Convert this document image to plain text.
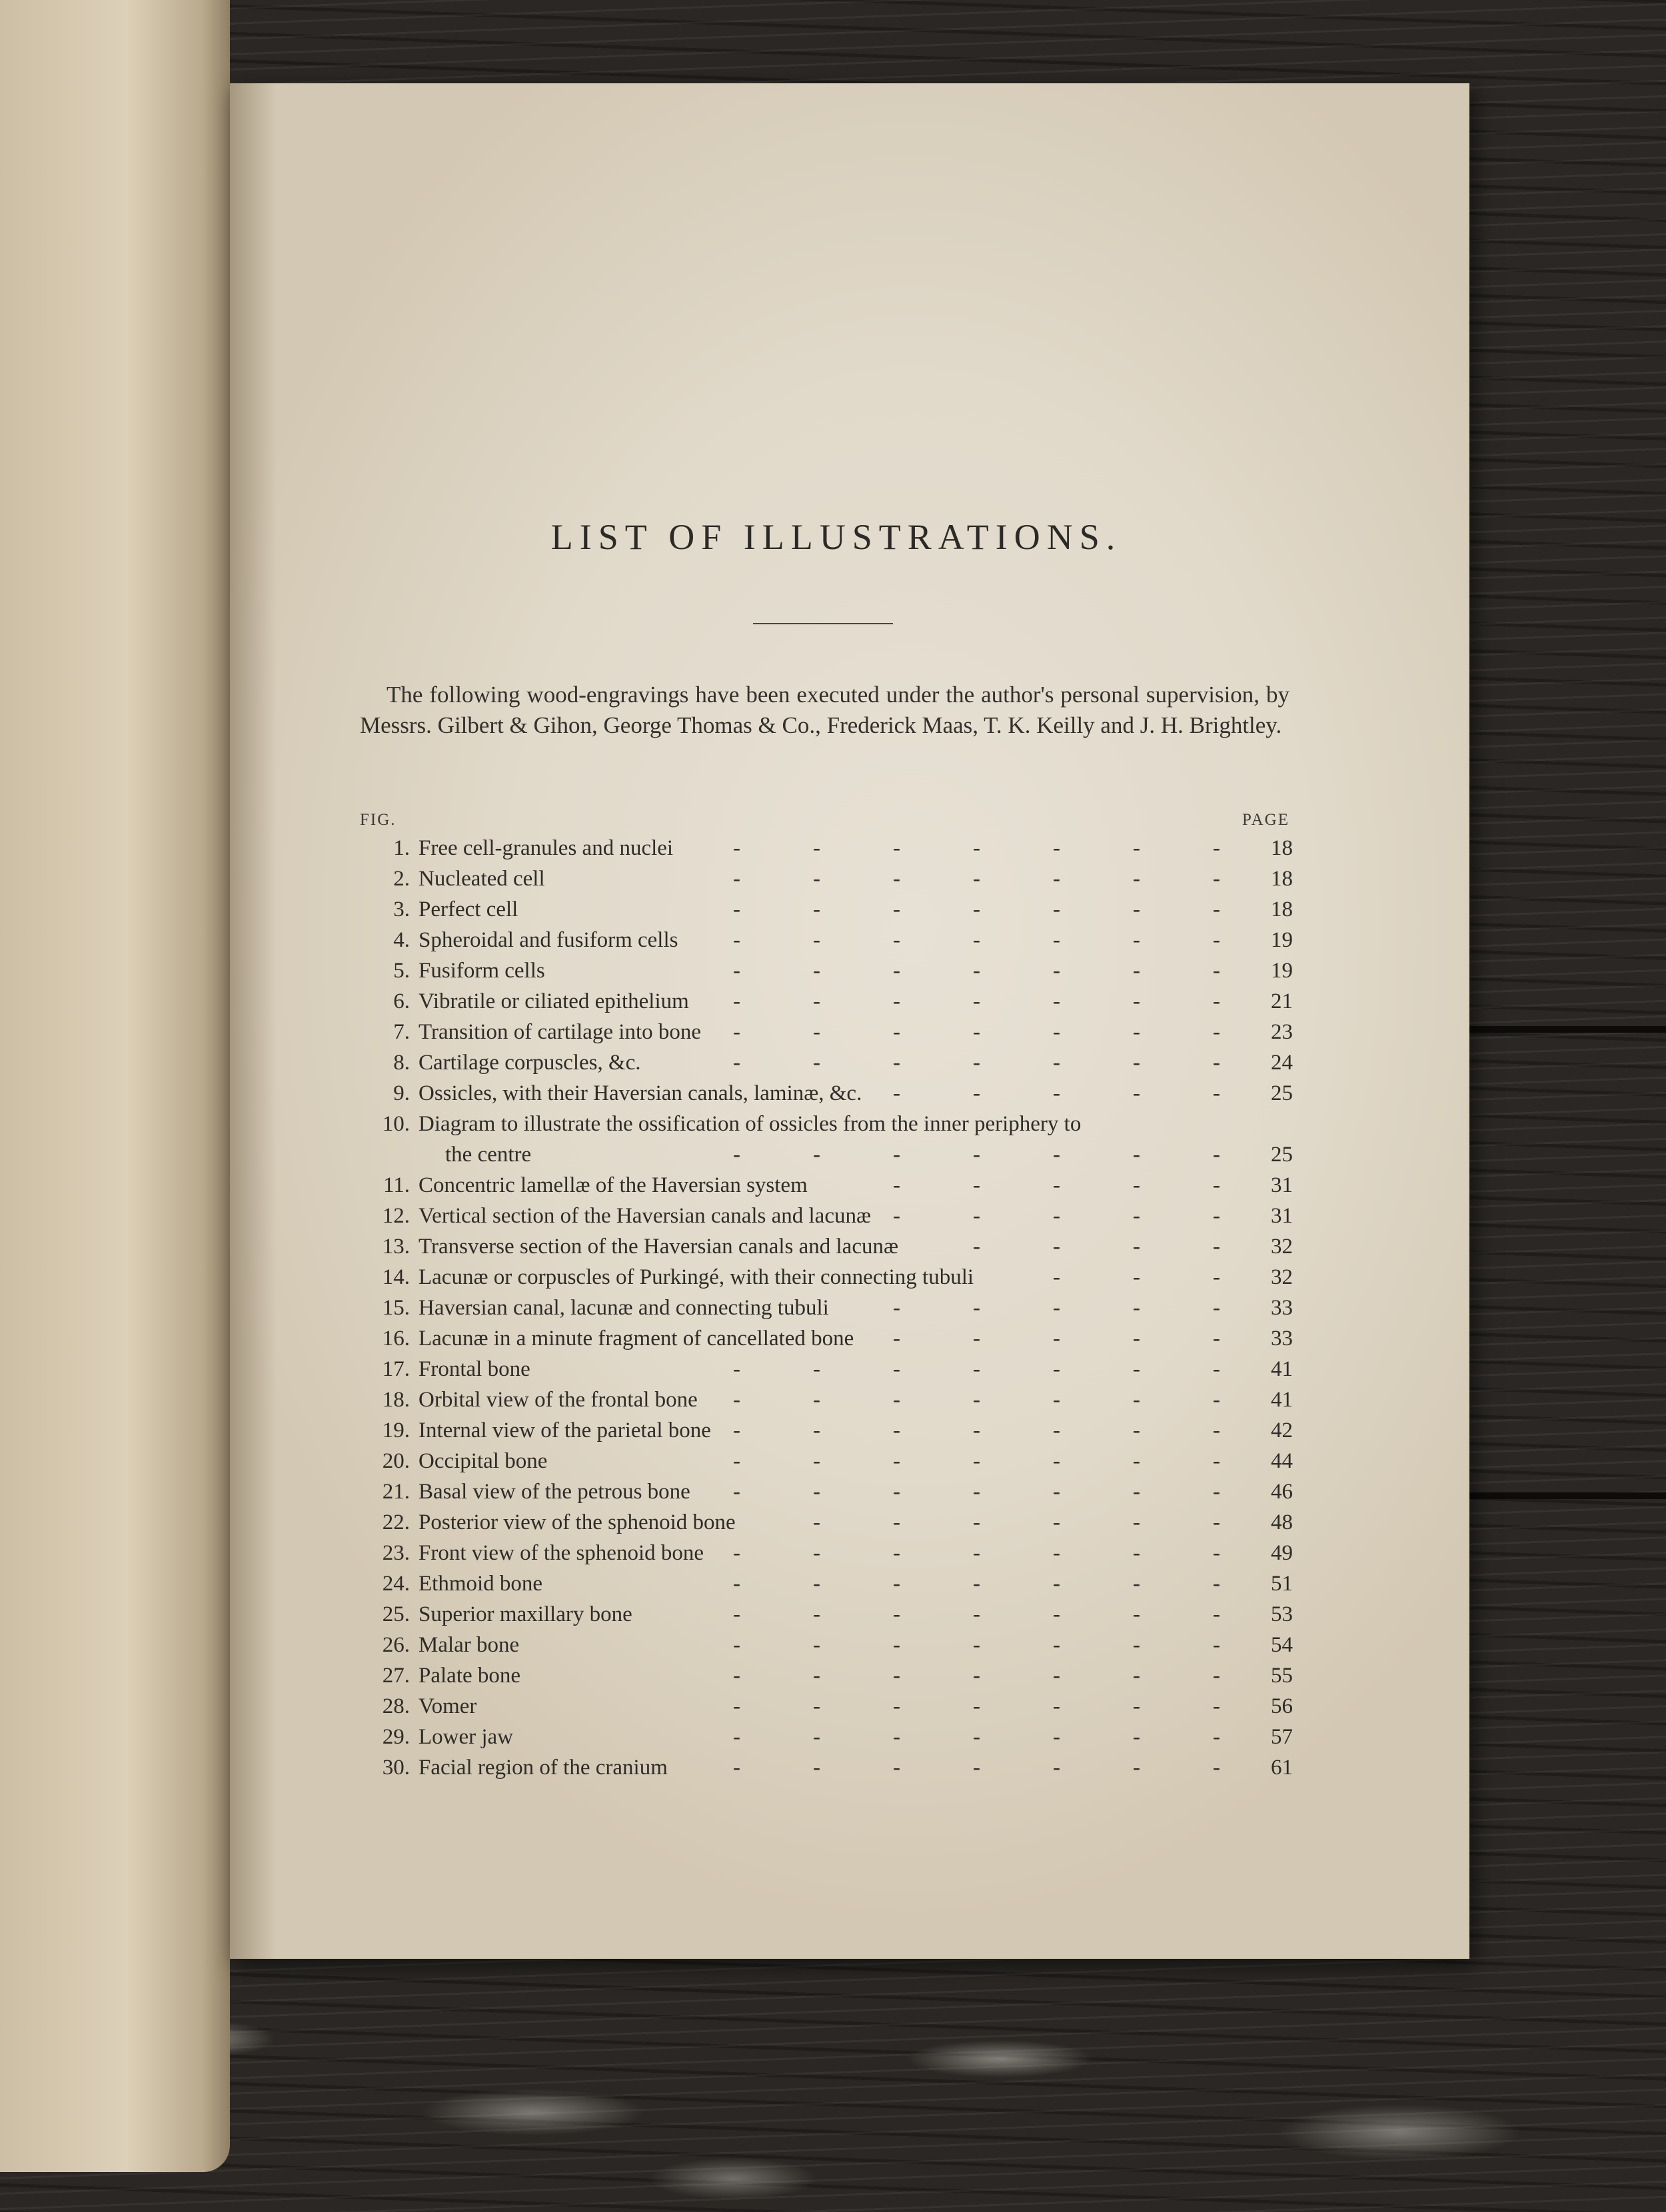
LIST OF ILLUSTRATIONS.

The following wood-engravings have been executed under the author's personal supervision, by Messrs. Gilbert & Gihon, George Thomas & Co., Frederick Maas, T. K. Keilly and J. H. Brightley.

FIG.	PAGE
1. Free cell-granules and nuclei	18
-	-	-	-	-	-	-
2. Nucleated cell	18
-	-	-	-	-	-	-
3. Perfect cell	18
-	-	-	-	-	-	-
4. Spheroidal and fusiform cells	19
-	-	-	-	-	-	-
5. Fusiform cells	19
-	-	-	-	-	-	-
6. Vibratile or ciliated epithelium	21
-	-	-	-	-	-	-
7. Transition of cartilage into bone	23
-	-	-	-	-	-	-
8. Cartilage corpuscles, &c.	24
-	-	-	-	-	-	-
9. Ossicles, with their Haversian canals, laminæ, &c.	25
-	-	-	-	-
10. Diagram to illustrate the ossification of ossicles from the inner periphery to
the centre	25
-	-	-	-	-	-	-
11. Concentric lamellæ of the Haversian system	31
-	-	-	-	-
12. Vertical section of the Haversian canals and lacunæ	31
-	-	-	-	-
13. Transverse section of the Haversian canals and lacunæ	32
-	-	-	-
14. Lacunæ or corpuscles of Purkingé, with their connecting tubuli	32
-	-	-
15. Haversian canal, lacunæ and connecting tubuli	33
-	-	-	-	-
16. Lacunæ in a minute fragment of cancellated bone	33
-	-	-	-	-
17. Frontal bone	41
-	-	-	-	-	-	-
18. Orbital view of the frontal bone	41
-	-	-	-	-	-	-
19. Internal view of the parietal bone	42
-	-	-	-	-	-	-
20. Occipital bone	44
-	-	-	-	-	-	-
21. Basal view of the petrous bone	46
-	-	-	-	-	-	-
22. Posterior view of the sphenoid bone	48
-	-	-	-	-	-
23. Front view of the sphenoid bone	49
-	-	-	-	-	-	-
24. Ethmoid bone	51
-	-	-	-	-	-	-
25. Superior maxillary bone	53
-	-	-	-	-	-	-
26. Malar bone	54
-	-	-	-	-	-	-
27. Palate bone	55
-	-	-	-	-	-	-
28. Vomer	56
-	-	-	-	-	-	-
29. Lower jaw	57
-	-	-	-	-	-	-
30. Facial region of the cranium	61
-	-	-	-	-	-	-
